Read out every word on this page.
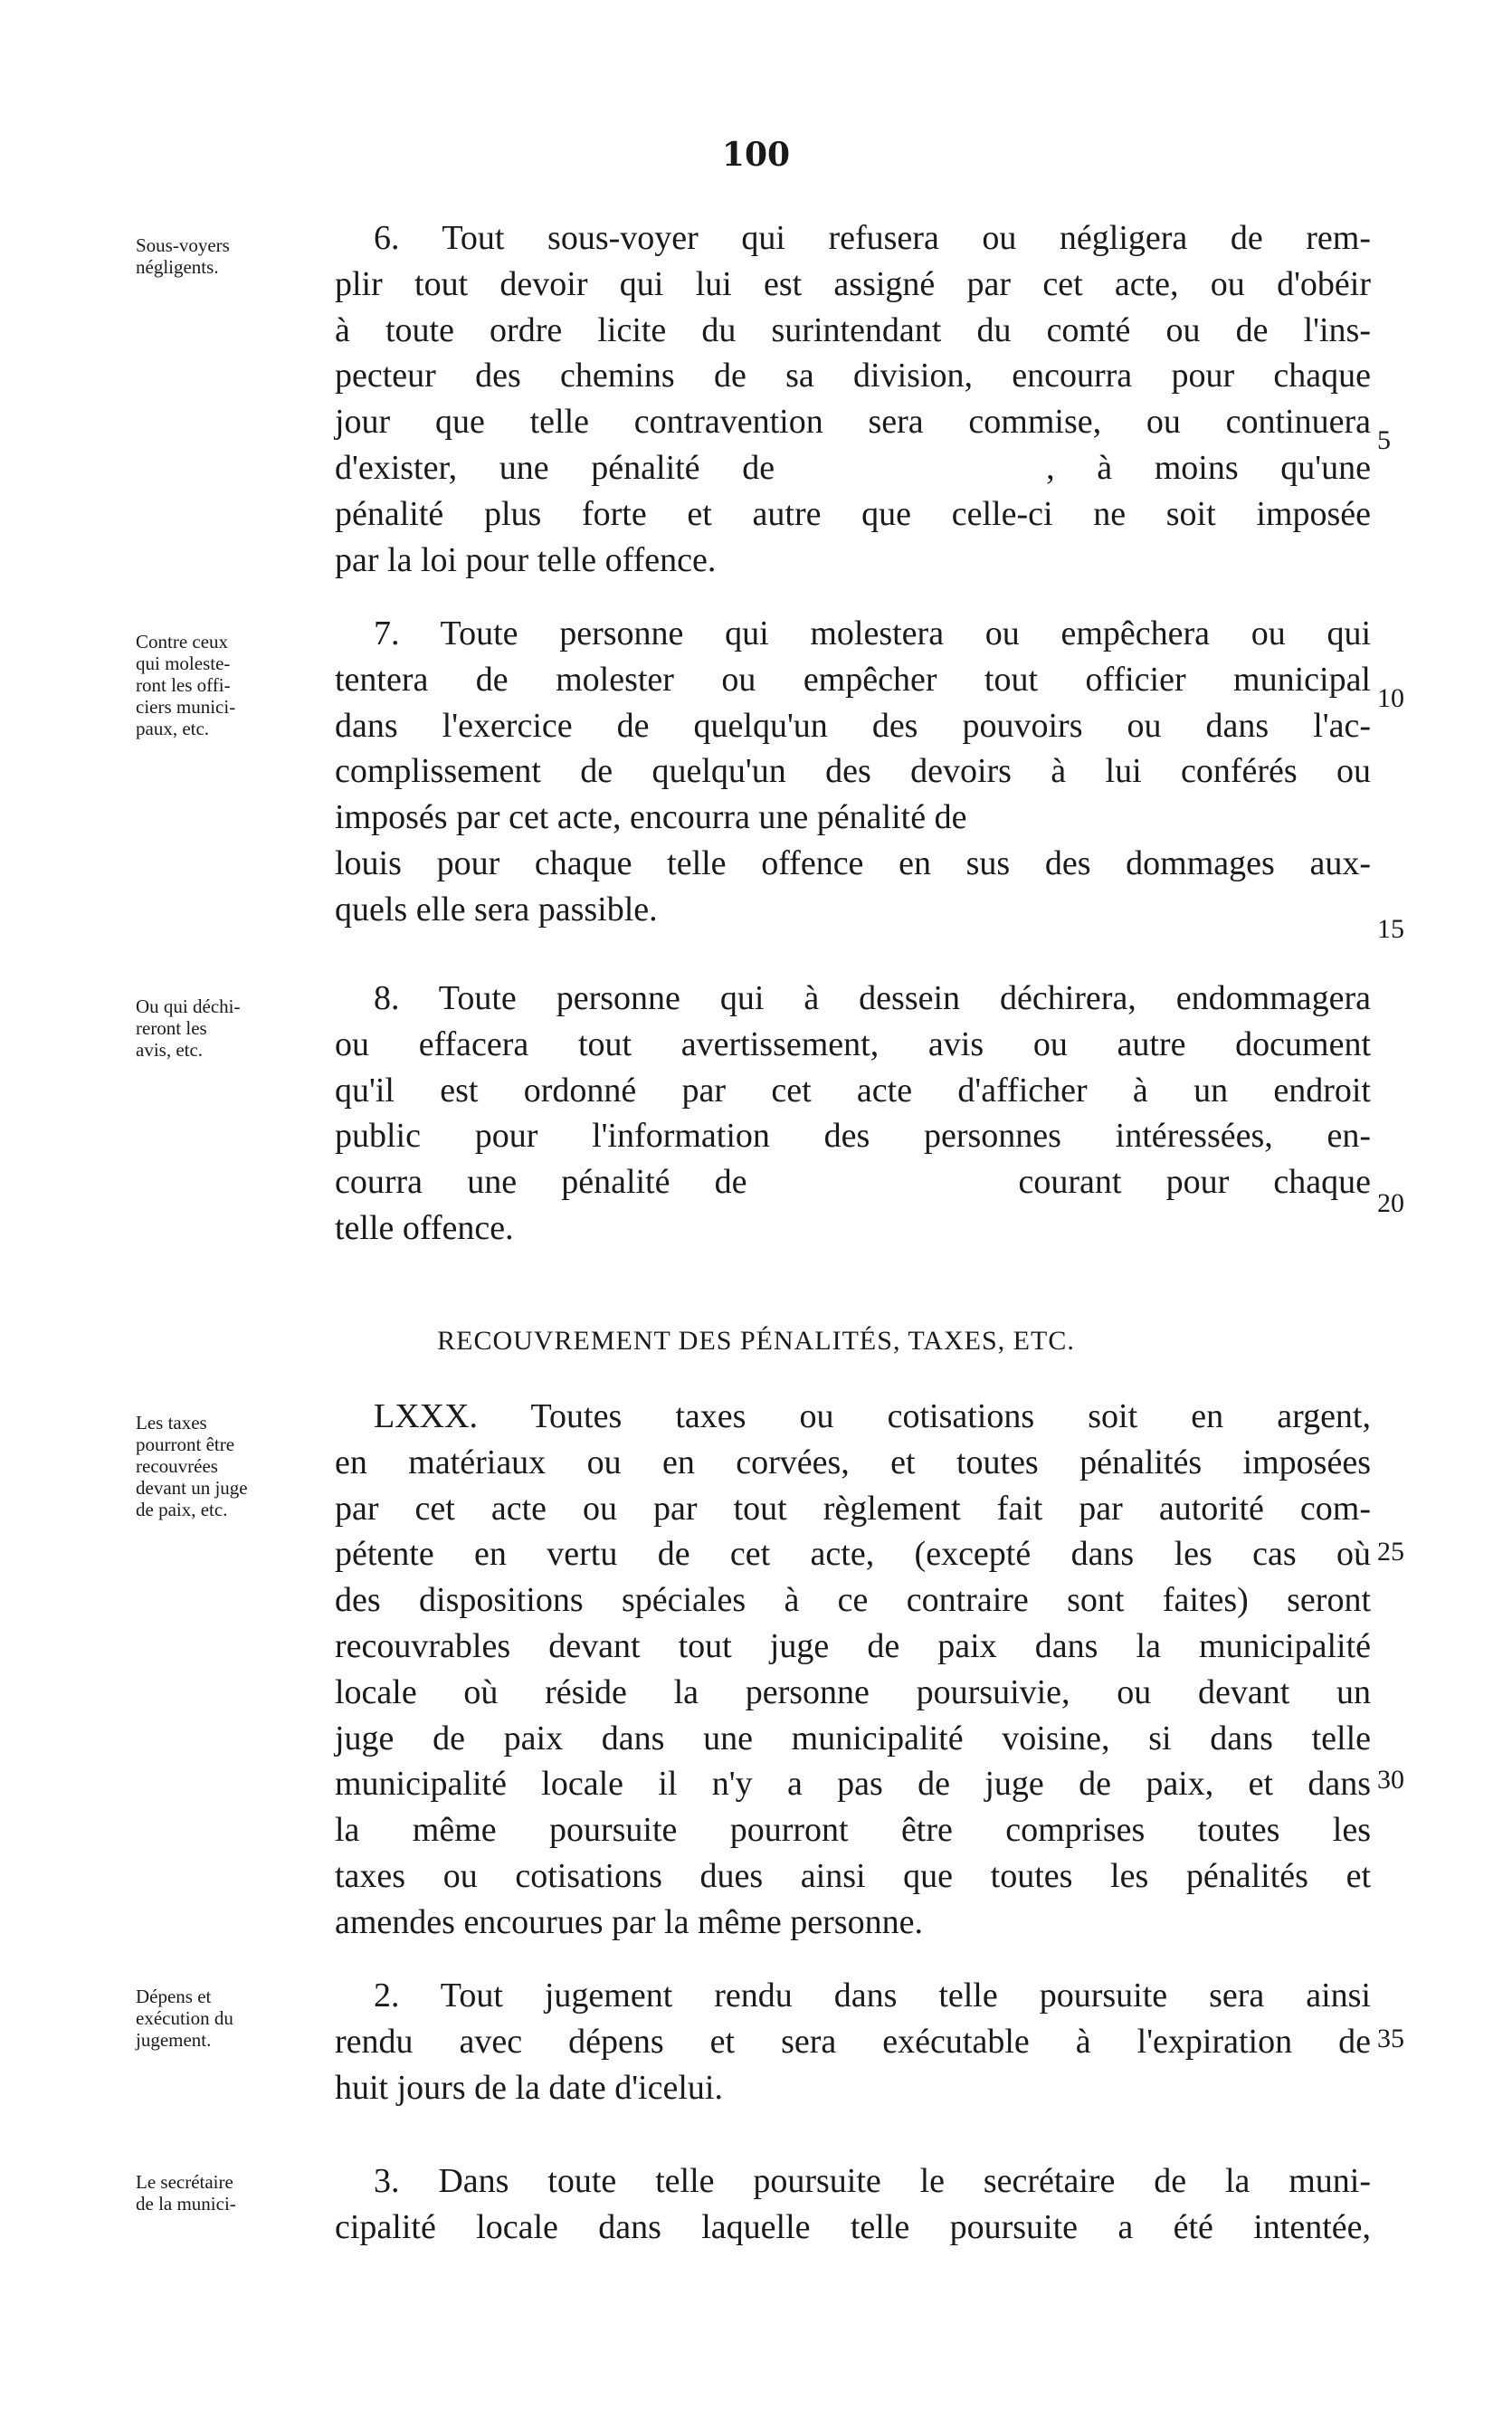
100
Sous-voyers
négligents.
6. Tout sous-voyer qui refusera ou négligera de rem-
plir tout devoir qui lui est assigné par cet acte, ou d'obéir
à toute ordre licite du surintendant du comté ou de l'ins-
pecteur des chemins de sa division, encourra pour chaque
jour que telle contravention sera commise, ou continuera
d'exister, une pénalité de	, à moins qu'une
pénalité plus forte et autre que celle-ci ne soit imposée
par la loi pour telle offence.
Contre ceux
qui moleste-
ront les offi-
ciers munici-
paux, etc.
7. Toute personne qui molestera ou empêchera ou qui
tentera de molester ou empêcher tout officier municipal
dans l'exercice de quelqu'un des pouvoirs ou dans l'ac-
complissement de quelqu'un des devoirs à lui conférés ou
imposés par cet acte, encourra une pénalité de
louis pour chaque telle offence en sus des dommages aux-
quels elle sera passible.
Ou qui déchi-
reront les
avis, etc.
8. Toute personne qui à dessein déchirera, endommagera
ou effacera tout avertissement, avis ou autre document
qu'il est ordonné par cet acte d'afficher à un endroit
public pour l'information des personnes intéressées, en-
courra une pénalité de	courant pour chaque
telle offence.
RECOUVREMENT DES PÉNALITÉS, TAXES, ETC.
Les taxes
pourront être
recouvrées
devant un juge
de paix, etc.
LXXX. Toutes taxes ou cotisations soit en argent,
en matériaux ou en corvées, et toutes pénalités imposées
par cet acte ou par tout règlement fait par autorité com-
pétente en vertu de cet acte, (excepté dans les cas où
des dispositions spéciales à ce contraire sont faites) seront
recouvrables devant tout juge de paix dans la municipalité
locale où réside la personne poursuivie, ou devant un
juge de paix dans une municipalité voisine, si dans telle
municipalité locale il n'y a pas de juge de paix, et dans
la même poursuite pourront être comprises toutes les
taxes ou cotisations dues ainsi que toutes les pénalités et
amendes encourues par la même personne.
Dépens et
exécution du
jugement.
2. Tout jugement rendu dans telle poursuite sera ainsi
rendu avec dépens et sera exécutable à l'expiration de
huit jours de la date d'icelui.
Le secrétaire
de la munici-
3. Dans toute telle poursuite le secrétaire de la muni-
cipalité locale dans laquelle telle poursuite a été intentée,
5
10
15
20
25
30
35
